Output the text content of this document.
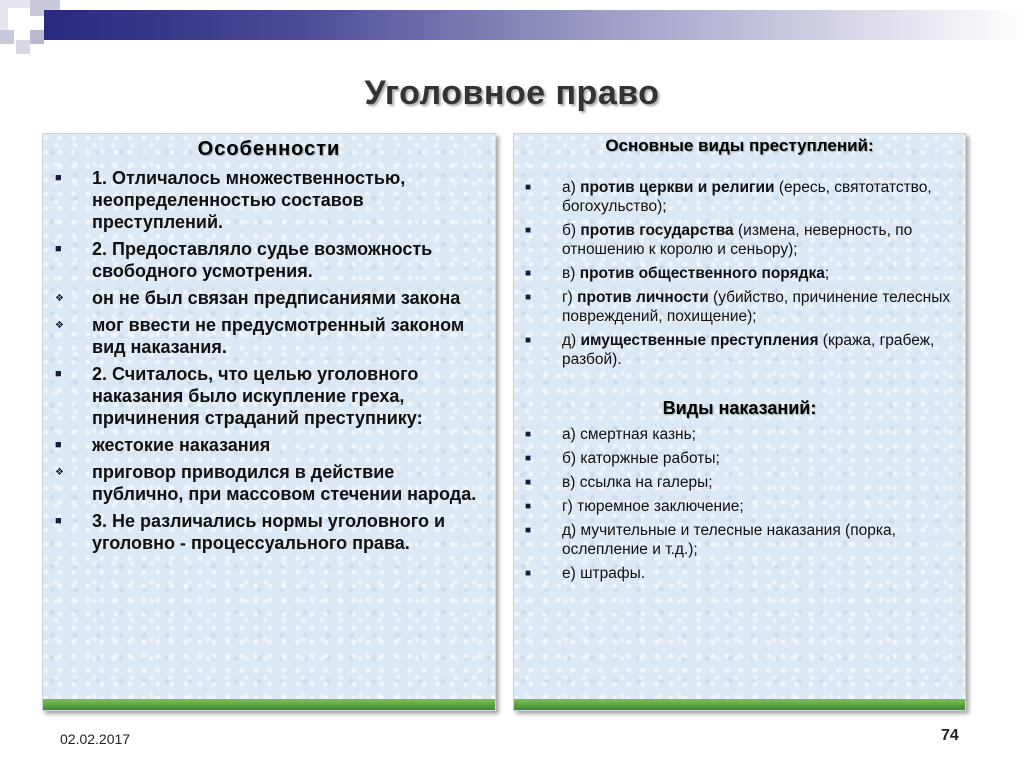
Уголовное право
Особенности
■
1. Отличалось множественностью, неопределенностью составов преступлений.
■
2. Предоставляло судье возможность свободного усмотрения.
❖
он не был связан предписаниями закона
❖
мог ввести не предусмотренный законом вид наказания.
■
2. Считалось, что целью уголовного наказания было искупление греха, причинения страданий преступнику:
■
жестокие наказания
❖
приговор приводился в действие публично, при массовом стечении народа.
■
3. Не различались нормы уголовного и уголовно - процессуального права.
Основные виды преступлений:
■
а) против церкви и религии (ересь, святотатство, богохульство);
■
б) против государства (измена, неверность, по отношению к королю и сеньору);
■
в) против общественного порядка;
■
г) против личности (убийство, причинение телесных повреждений, похищение);
■
д) имущественные преступления (кража, грабеж, разбой).
Виды наказаний:
■
а) смертная казнь;
■
б) каторжные работы;
■
в) ссылка на галеры;
■
г) тюремное заключение;
■
д) мучительные и телесные наказания (порка, ослепление и т.д.);
■
е) штрафы.
02.02.2017	74
